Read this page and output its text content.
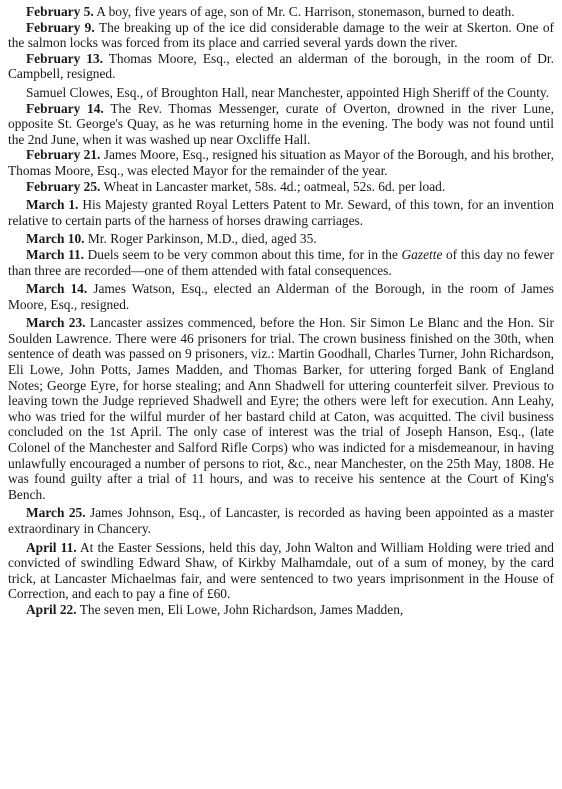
February 5. A boy, five years of age, son of Mr. C. Harrison, stonemason, burned to death.

February 9. The breaking up of the ice did considerable damage to the weir at Skerton. One of the salmon locks was forced from its place and carried several yards down the river.

February 13. Thomas Moore, Esq., elected an alderman of the borough, in the room of Dr. Campbell, resigned.

Samuel Clowes, Esq., of Broughton Hall, near Manchester, appointed High Sheriff of the County.

February 14. The Rev. Thomas Messenger, curate of Overton, drowned in the river Lune, opposite St. George's Quay, as he was returning home in the evening. The body was not found until the 2nd June, when it was washed up near Oxcliffe Hall.

February 21. James Moore, Esq., resigned his situation as Mayor of the Borough, and his brother, Thomas Moore, Esq., was elected Mayor for the remainder of the year.

February 25. Wheat in Lancaster market, 58s. 4d.; oatmeal, 52s. 6d. per load.

March 1. His Majesty granted Royal Letters Patent to Mr. Seward, of this town, for an invention relative to certain parts of the harness of horses drawing carriages.

March 10. Mr. Roger Parkinson, M.D., died, aged 35.

March 11. Duels seem to be very common about this time, for in the Gazette of this day no fewer than three are recorded—one of them attended with fatal consequences.

March 14. James Watson, Esq., elected an Alderman of the Borough, in the room of James Moore, Esq., resigned.

March 23. Lancaster assizes commenced, before the Hon. Sir Simon Le Blanc and the Hon. Sir Soulden Lawrence. There were 46 prisoners for trial. The crown business finished on the 30th, when sentence of death was passed on 9 prisoners, viz.: Martin Goodhall, Charles Turner, John Richardson, Eli Lowe, John Potts, James Madden, and Thomas Barker, for uttering forged Bank of England Notes; George Eyre, for horse stealing; and Ann Shadwell for uttering counterfeit silver. Previous to leaving town the Judge reprieved Shadwell and Eyre; the others were left for execution. Ann Leahy, who was tried for the wilful murder of her bastard child at Caton, was acquitted. The civil business concluded on the 1st April. The only case of interest was the trial of Joseph Hanson, Esq., (late Colonel of the Manchester and Salford Rifle Corps) who was indicted for a misdemeanour, in having unlawfully encouraged a number of persons to riot, &c., near Manchester, on the 25th May, 1808. He was found guilty after a trial of 11 hours, and was to receive his sentence at the Court of King's Bench.

March 25. James Johnson, Esq., of Lancaster, is recorded as having been appointed as a master extraordinary in Chancery.

April 11. At the Easter Sessions, held this day, John Walton and William Holding were tried and convicted of swindling Edward Shaw, of Kirkby Malhamdale, out of a sum of money, by the card trick, at Lancaster Michaelmas fair, and were sentenced to two years imprisonment in the House of Correction, and each to pay a fine of £60.

April 22. The seven men, Eli Lowe, John Richardson, James Madden,
